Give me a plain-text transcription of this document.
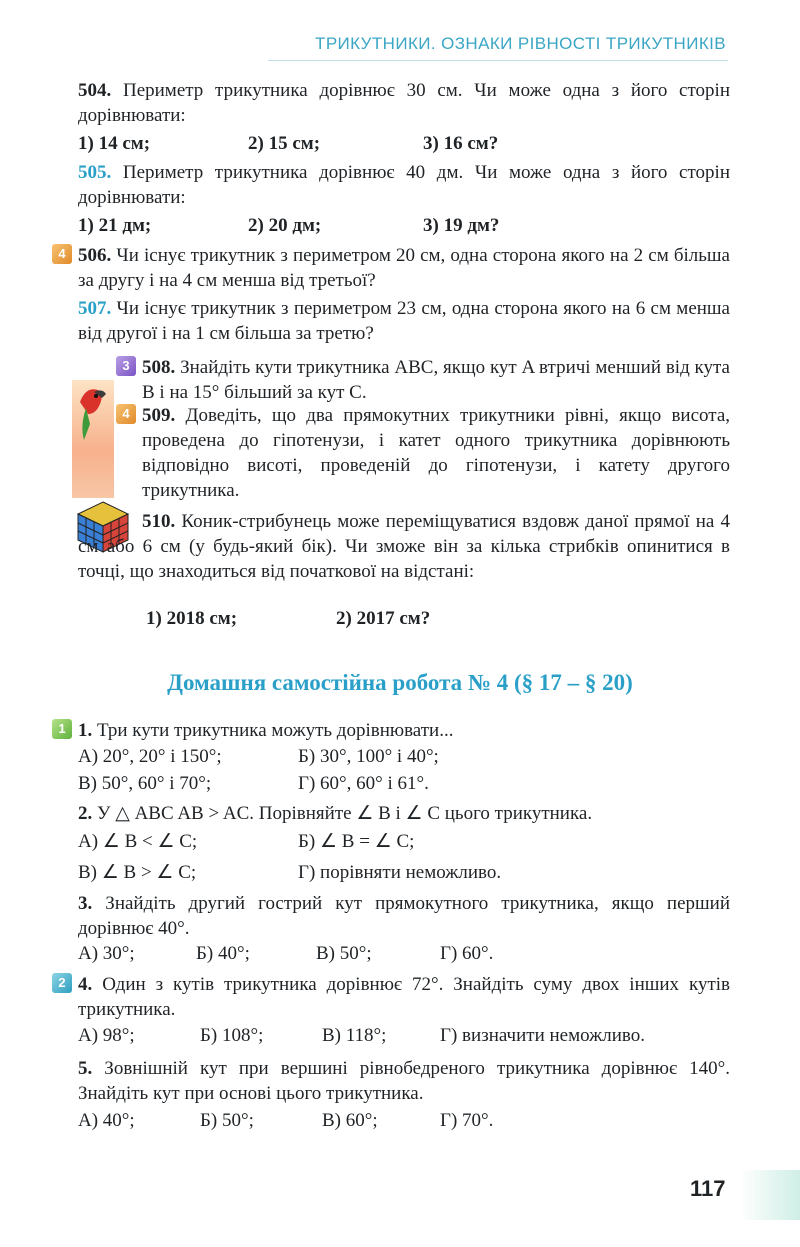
ТРИКУТНИКИ. ОЗНАКИ РІВНОСТІ ТРИКУТНИКІВ
504. Периметр трикутника дорівнює 30 см. Чи може одна з його сторін дорівнювати:
1) 14 см;	2) 15 см;	3) 16 см?
505. Периметр трикутника дорівнює 40 дм. Чи може одна з його сторін дорівнювати:
1) 21 дм;	2) 20 дм;	3) 19 дм?
4 506. Чи існує трикутник з периметром 20 см, одна сторона якого на 2 см більша за другу і на 4 см менша від третьої?
507. Чи існує трикутник з периметром 23 см, одна сторона якого на 6 см менша від другої і на 1 см більша за третю?
3 508. Знайдіть кути трикутника ABC, якщо кут A втричі менший від кута B і на 15° більший за кут C.
4 509. Доведіть, що два прямокутних трикутники рівні, якщо висота, проведена до гіпотенузи, і катет одного трикутника дорівнюють відповідно висоті, проведеній до гіпотенузи, і катету другого трикутника.
510. Коник-стрибунець може переміщуватися вздовж даної прямої на 4 см або 6 см (у будь-який бік). Чи зможе він за кілька стрибків опинитися в точці, що знаходиться від початкової на відстані:
1) 2018 см;	2) 2017 см?
Домашня самостійна робота № 4 (§ 17 – § 20)
1 1. Три кути трикутника можуть дорівнювати...
А) 20°, 20° і 150°;	Б) 30°, 100° і 40°;
В) 50°, 60° і 70°;	Г) 60°, 60° і 61°.
2. У △ ABC AB > AC. Порівняйте ∠ B і ∠ C цього трикутника.
А) ∠ B < ∠ C;	Б) ∠ B = ∠ C;
В) ∠ B > ∠ C;	Г) порівняти неможливо.
3. Знайдіть другий гострий кут прямокутного трикутника, якщо перший дорівнює 40°.
А) 30°;	Б) 40°;	В) 50°;	Г) 60°.
2 4. Один з кутів трикутника дорівнює 72°. Знайдіть суму двох інших кутів трикутника.
А) 98°;	Б) 108°;	В) 118°;	Г) визначити неможливо.
5. Зовнішній кут при вершині рівнобедреного трикутника дорівнює 140°. Знайдіть кут при основі цього трикутника.
А) 40°;	Б) 50°;	В) 60°;	Г) 70°.
117
